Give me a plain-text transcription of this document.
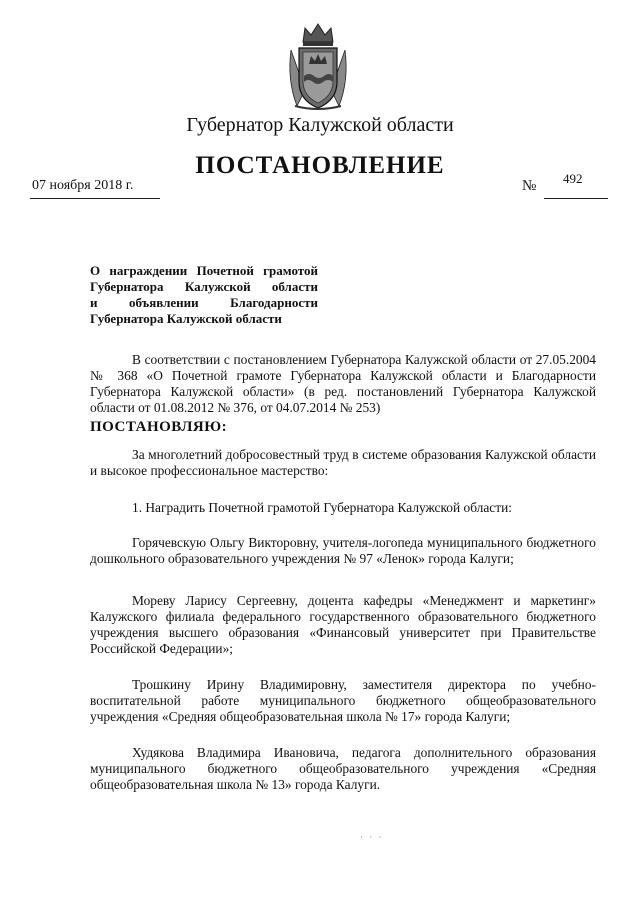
Губернатор Калужской области
ПОСТАНОВЛЕНИЕ
07 ноября 2018 г.	№ 492
О награждении Почетной грамотой
Губернатора Калужской области
и объявлении Благодарности
Губернатора Калужской области
В соответствии с постановлением Губернатора Калужской области от 27.05.2004 № 368 «О Почетной грамоте Губернатора Калужской области и Благодарности Губернатора Калужской области» (в ред. постановлений Губернатора Калужской области от 01.08.2012 № 376, от 04.07.2014 № 253)
ПОСТАНОВЛЯЮ:
За многолетний добросовестный труд в системе образования Калужской области и высокое профессиональное мастерство:
1. Наградить Почетной грамотой Губернатора Калужской области:
Горячевскую Ольгу Викторовну, учителя-логопеда муниципального бюджетного дошкольного образовательного учреждения № 97 «Ленок» города Калуги;
Мореву Ларису Сергеевну, доцента кафедры «Менеджмент и маркетинг» Калужского филиала федерального государственного образовательного бюджетного учреждения высшего образования «Финансовый университет при Правительстве Российской Федерации»;
Трошкину Ирину Владимировну, заместителя директора по учебно-воспитательной работе муниципального бюджетного общеобразовательного учреждения «Средняя общеобразовательная школа № 17» города Калуги;
Худякова Владимира Ивановича, педагога дополнительного образования муниципального бюджетного общеобразовательного учреждения «Средняя общеобразовательная школа № 13» города Калуги.
· · ·
